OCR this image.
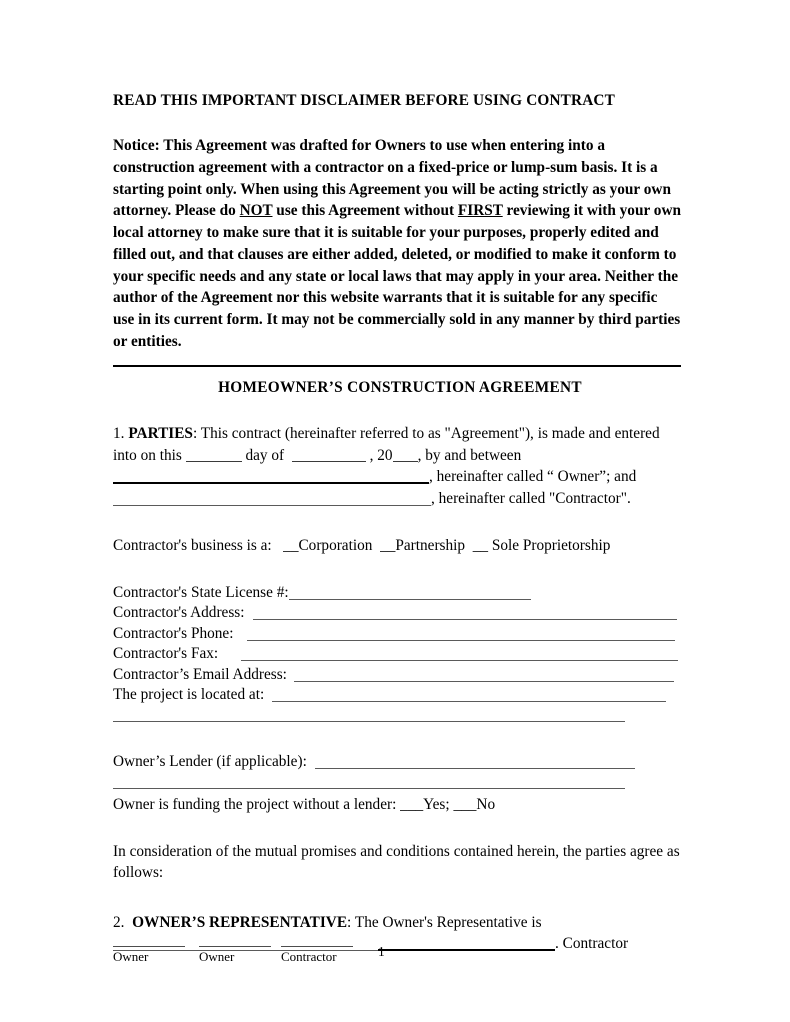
READ THIS IMPORTANT DISCLAIMER BEFORE USING CONTRACT

Notice: This Agreement was drafted for Owners to use when entering into a construction agreement with a contractor on a fixed-price or lump-sum basis. It is a starting point only. When using this Agreement you will be acting strictly as your own attorney. Please do NOT use this Agreement without FIRST reviewing it with your own local attorney to make sure that it is suitable for your purposes, properly edited and filled out, and that clauses are either added, deleted, or modified to make it conform to your specific needs and any state or local laws that may apply in your area. Neither the author of the Agreement nor this website warrants that it is suitable for any specific use in its current form. It may not be commercially sold in any manner by third parties or entities.

HOMEOWNER’S CONSTRUCTION AGREEMENT

1. PARTIES: This contract (hereinafter referred to as "Agreement"), is made and entered into on this	day of	, 20 , by and between

, hereinafter called “ Owner”; and
, hereinafter called "Contractor".

Contractor's business is a: __Corporation __Partnership __ Sole Proprietorship

Contractor's State License #:
Contractor's Address:
Contractor's Phone:
Contractor's Fax:
Contractor’s Email Address:
The project is located at:
Owner’s Lender (if applicable):
Owner is funding the project without a lender: ___Yes; ___No

In consideration of the mutual promises and conditions contained herein, the parties agree as follows:

2. OWNER’S REPRESENTATIVE: The Owner's Representative is

. Contractor
Owner	Owner	Contractor	1
